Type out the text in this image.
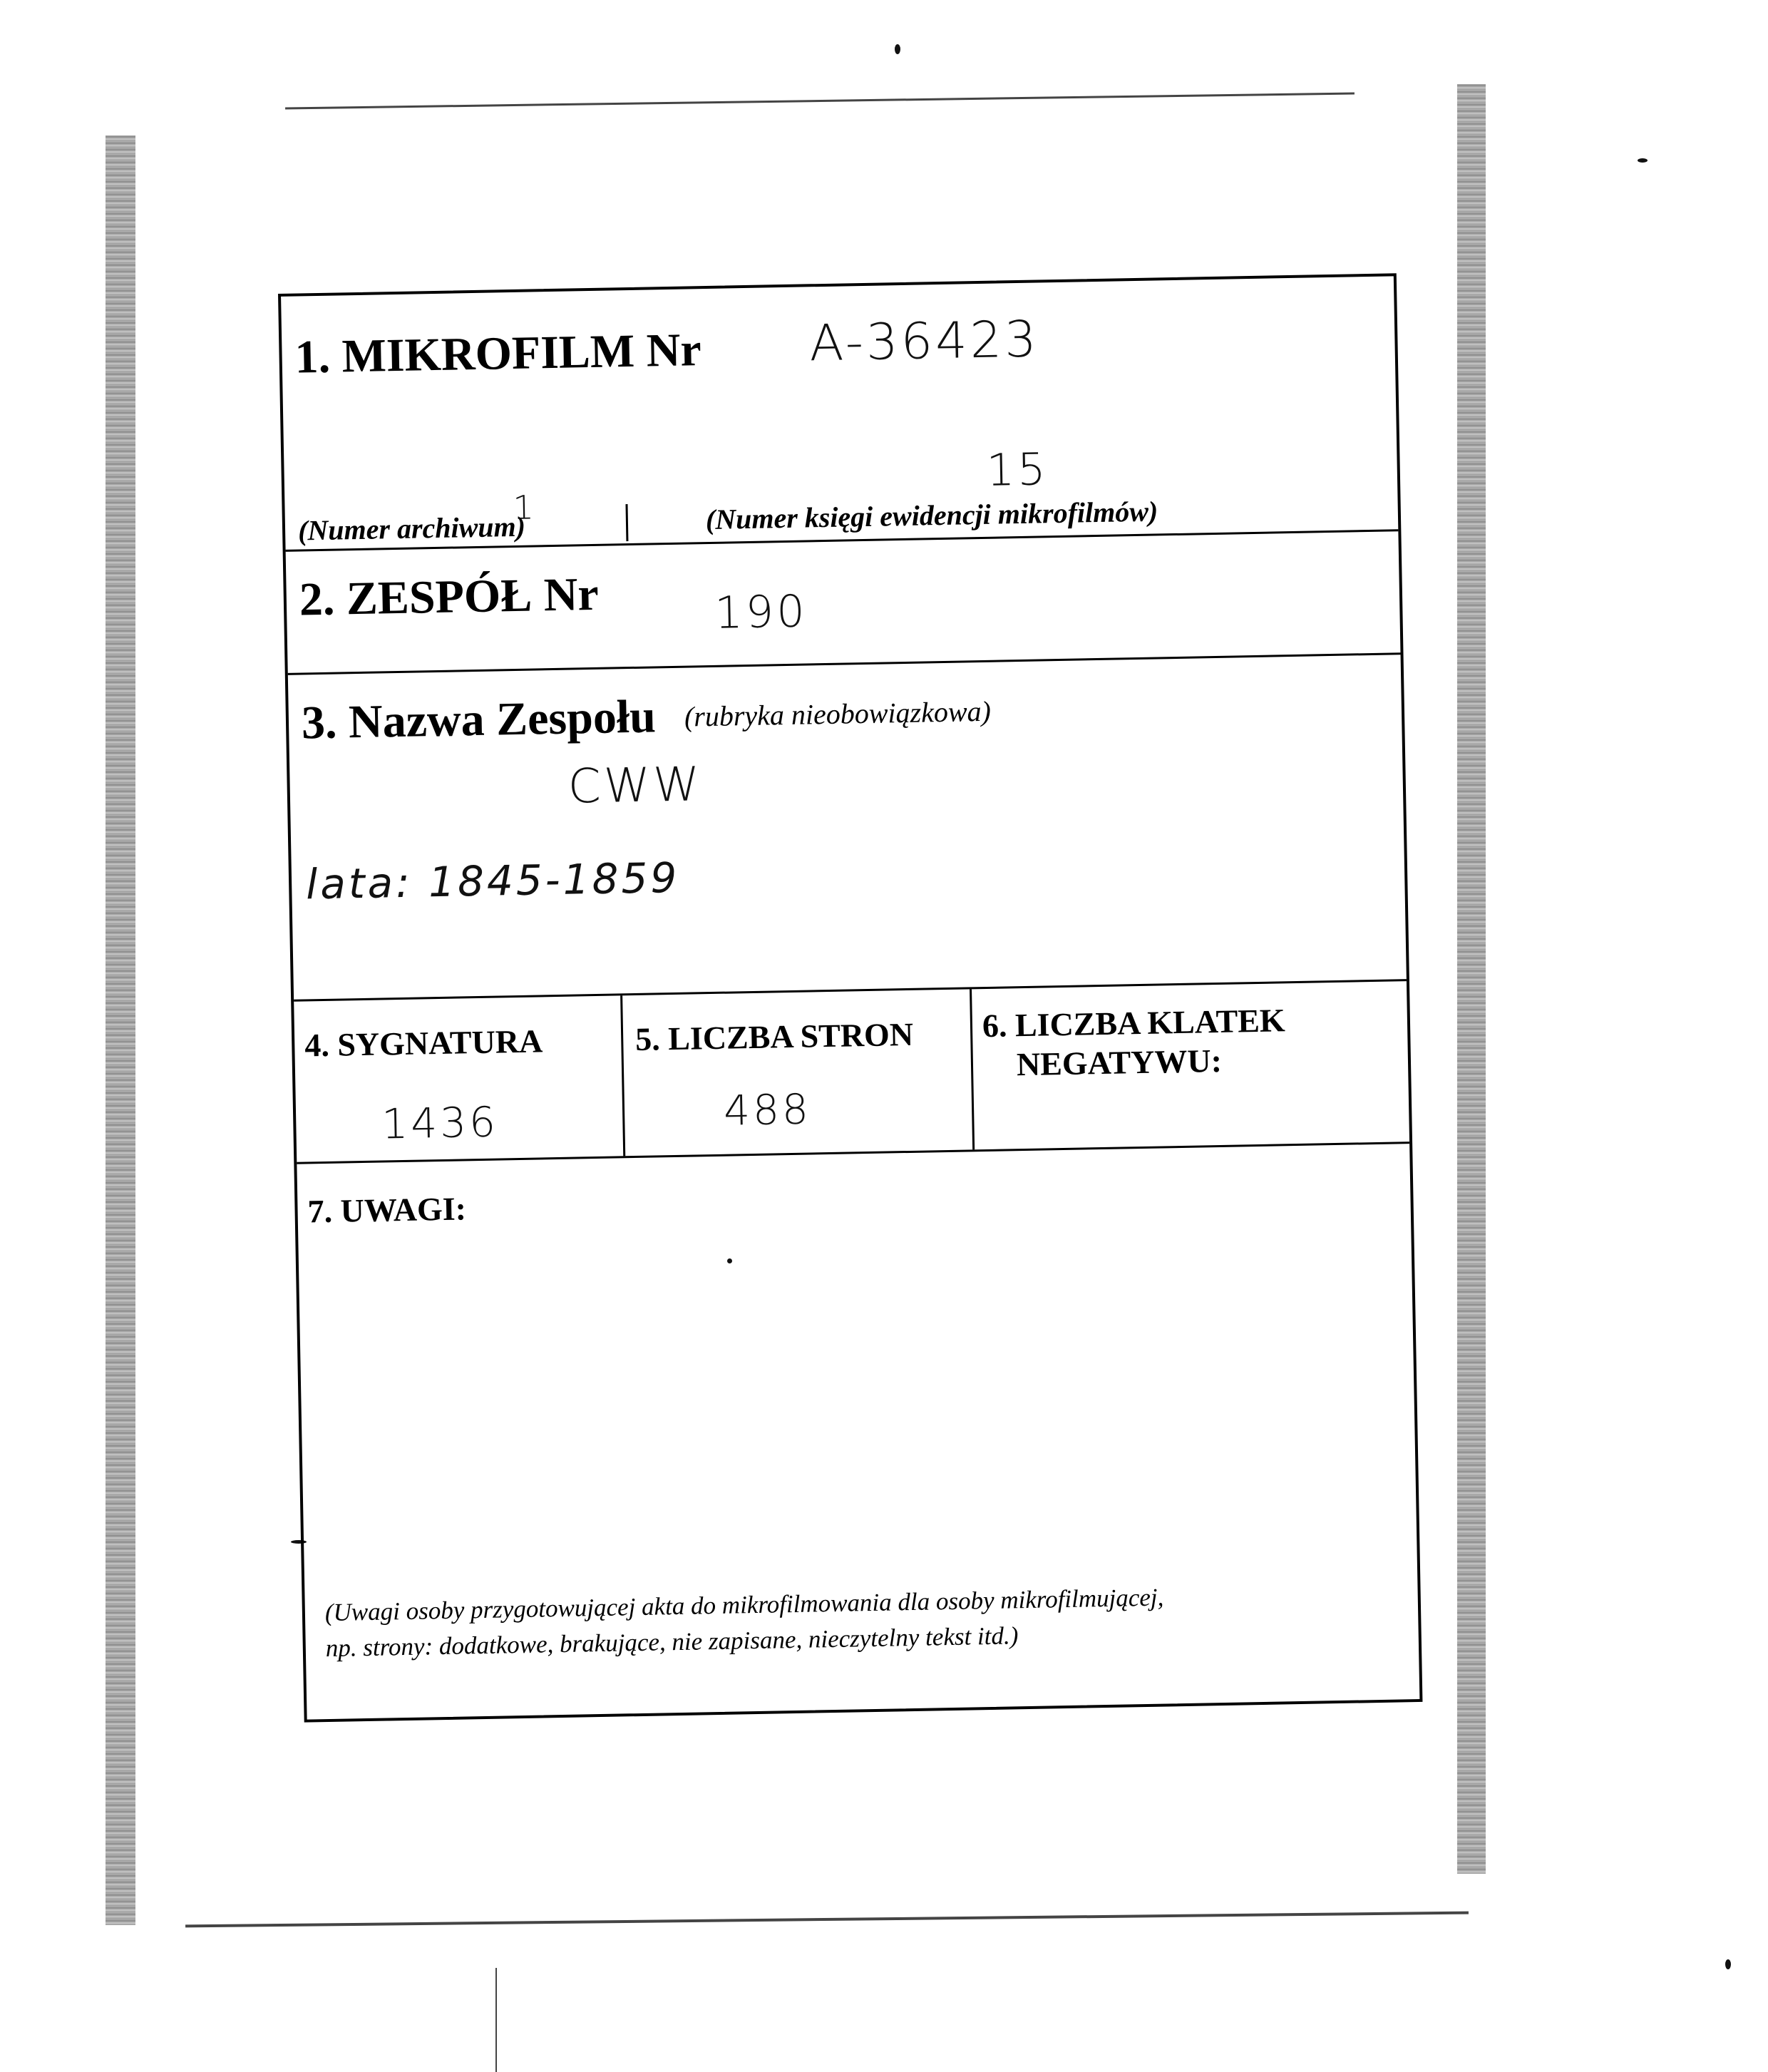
1. MIKROFILM Nr A-36423
15
1
(Numer archiwum)	(Numer księgi ewidencji mikrofilmów)
2. ZESPÓŁ Nr	190
3. Nazwa Zespołu (rubryka nieobowiązkowa)
CWW
lata: 1845-1859
4. SYGNATURA
1436
5. LICZBA STRON
488
6. LICZBA KLATEK
NEGATYWU:
7. UWAGI:
(Uwagi osoby przygotowującej akta do mikrofilmowania dla osoby mikrofilmującej,
np. strony: dodatkowe, brakujące, nie zapisane, nieczytelny tekst itd.)
